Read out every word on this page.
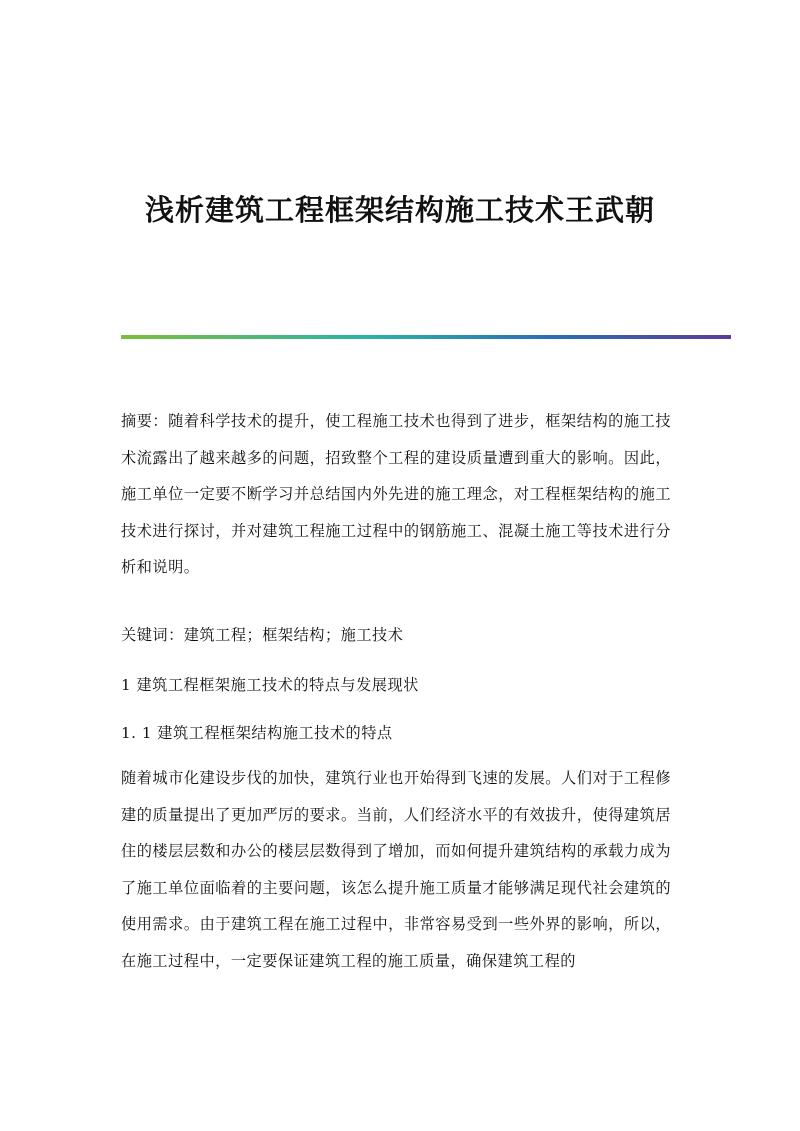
浅析建筑工程框架结构施工技术王武朝

摘要：随着科学技术的提升，使工程施工技术也得到了进步，框架结构的施工技术流露出了越来越多的问题，招致整个工程的建设质量遭到重大的影响。因此，施工单位一定要不断学习并总结国内外先进的施工理念，对工程框架结构的施工技术进行探讨，并对建筑工程施工过程中的钢筋施工、混凝土施工等技术进行分析和说明。

关键词：建筑工程；框架结构；施工技术

1 建筑工程框架施工技术的特点与发展现状

1. 1 建筑工程框架结构施工技术的特点

随着城市化建设步伐的加快，建筑行业也开始得到飞速的发展。人们对于工程修建的质量提出了更加严厉的要求。当前，人们经济水平的有效拔升，使得建筑居住的楼层层数和办公的楼层层数得到了增加，而如何提升建筑结构的承载力成为了施工单位面临着的主要问题，该怎么提升施工质量才能够满足现代社会建筑的使用需求。由于建筑工程在施工过程中，非常容易受到一些外界的影响，所以，在施工过程中，一定要保证建筑工程的施工质量，确保建筑工程的
